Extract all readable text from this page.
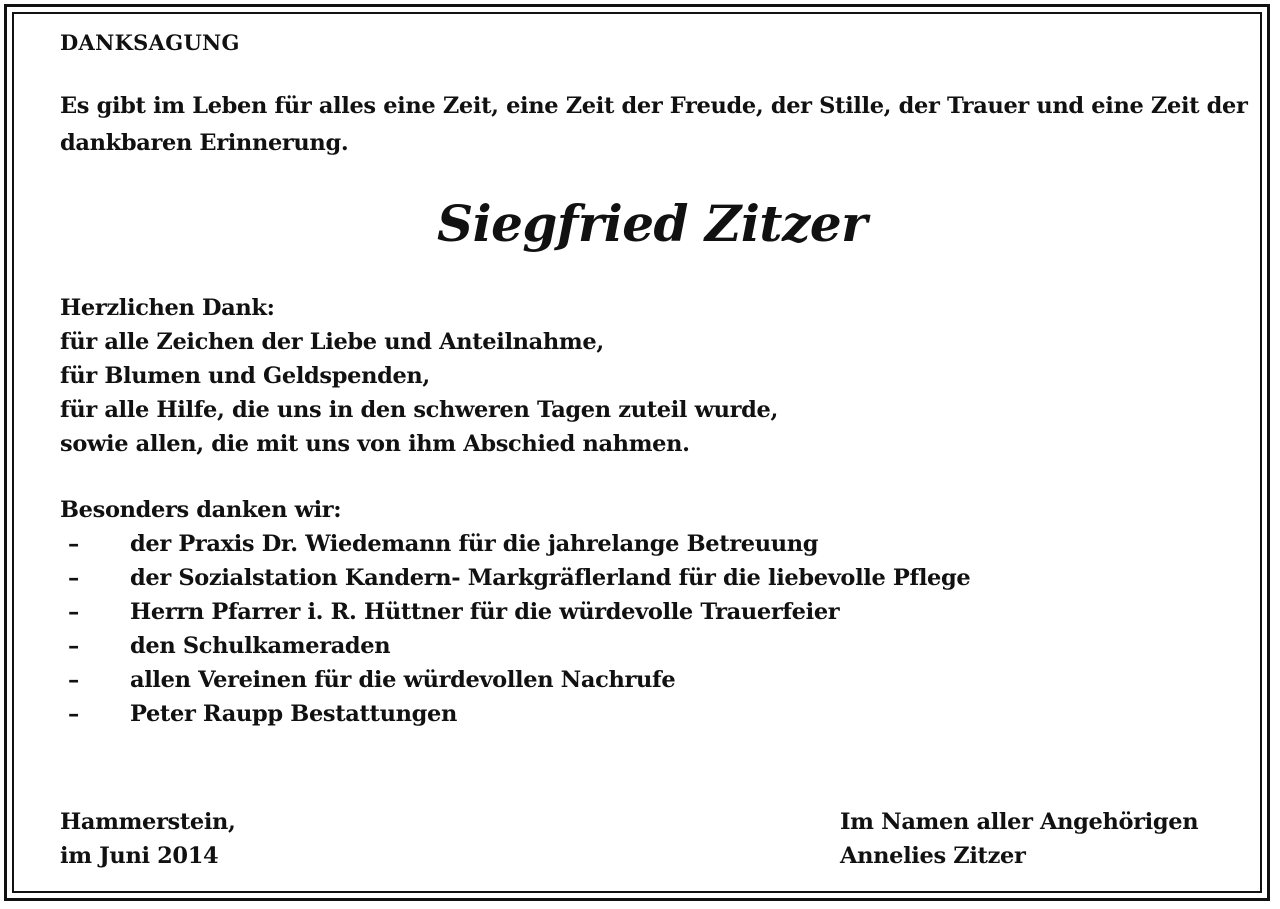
DANKSAGUNG
Es gibt im Leben für alles eine Zeit, eine Zeit der Freude, der Stille, der Trauer und eine Zeit der dankbaren Erinnerung.
Siegfried Zitzer
Herzlichen Dank:
für alle Zeichen der Liebe und Anteilnahme,
für Blumen und Geldspenden,
für alle Hilfe, die uns in den schweren Tagen zuteil wurde,
sowie allen, die mit uns von ihm Abschied nahmen.
Besonders danken wir:
– der Praxis Dr. Wiedemann für die jahrelange Betreuung
– der Sozialstation Kandern- Markgräflerland für die liebevolle Pflege
– Herrn Pfarrer i. R. Hüttner für die würdevolle Trauerfeier
– den Schulkameraden
– allen Vereinen für die würdevollen Nachrufe
– Peter Raupp Bestattungen
Hammerstein,
im Juni 2014
Im Namen aller Angehörigen
Annelies Zitzer
